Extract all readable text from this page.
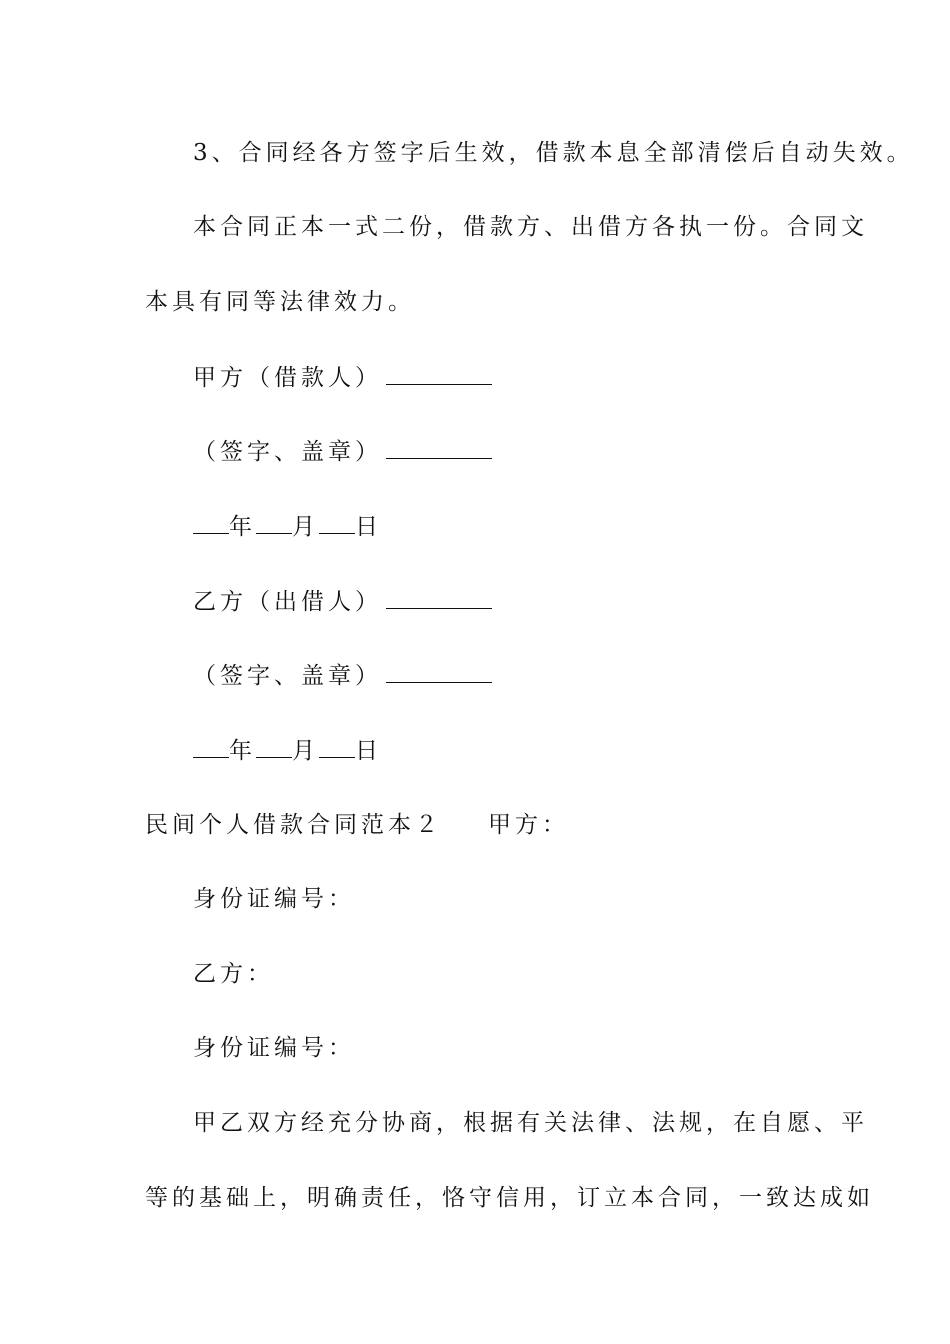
3、合同经各方签字后生效，借款本息全部清偿后自动失效。
本合同正本一式二份，借款方、出借方各执一份。合同文
本具有同等法律效力。
甲方（借款人）
（签字、盖章）
年 月 日
乙方（出借人）
（签字、盖章）
年 月 日
民间个人借款合同范本２ 甲方：
身份证编号：
乙方：
身份证编号：
甲乙双方经充分协商，根据有关法律、法规，在自愿、平
等的基础上，明确责任，恪守信用，订立本合同，一致达成如
